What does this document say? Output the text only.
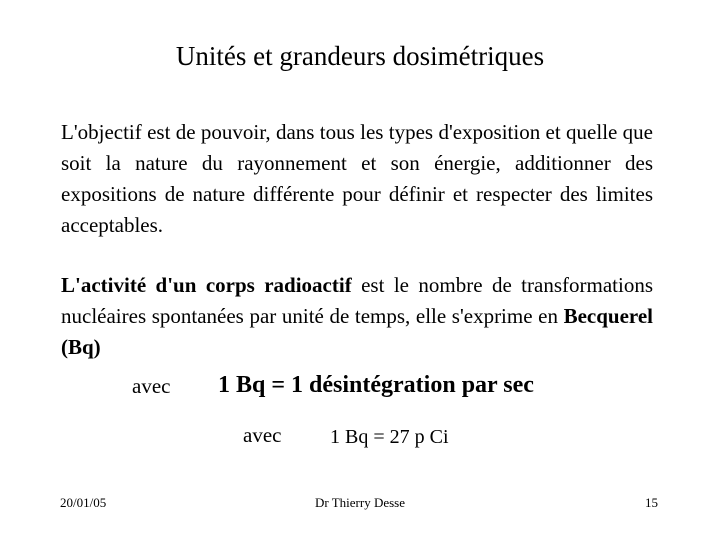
Unités et grandeurs dosimétriques

L'objectif est de pouvoir, dans tous les types d'exposition et quelle que soit la nature du rayonnement et son énergie, additionner des expositions de nature différente pour définir et respecter des limites acceptables.

L'activité d'un corps radioactif est le nombre de transformations nucléaires spontanées par unité de temps, elle s'exprime en Becquerel (Bq)

avec 1 Bq = 1 désintégration par sec
avec 1 Bq = 27 p Ci
20/01/05	Dr Thierry Desse	15
